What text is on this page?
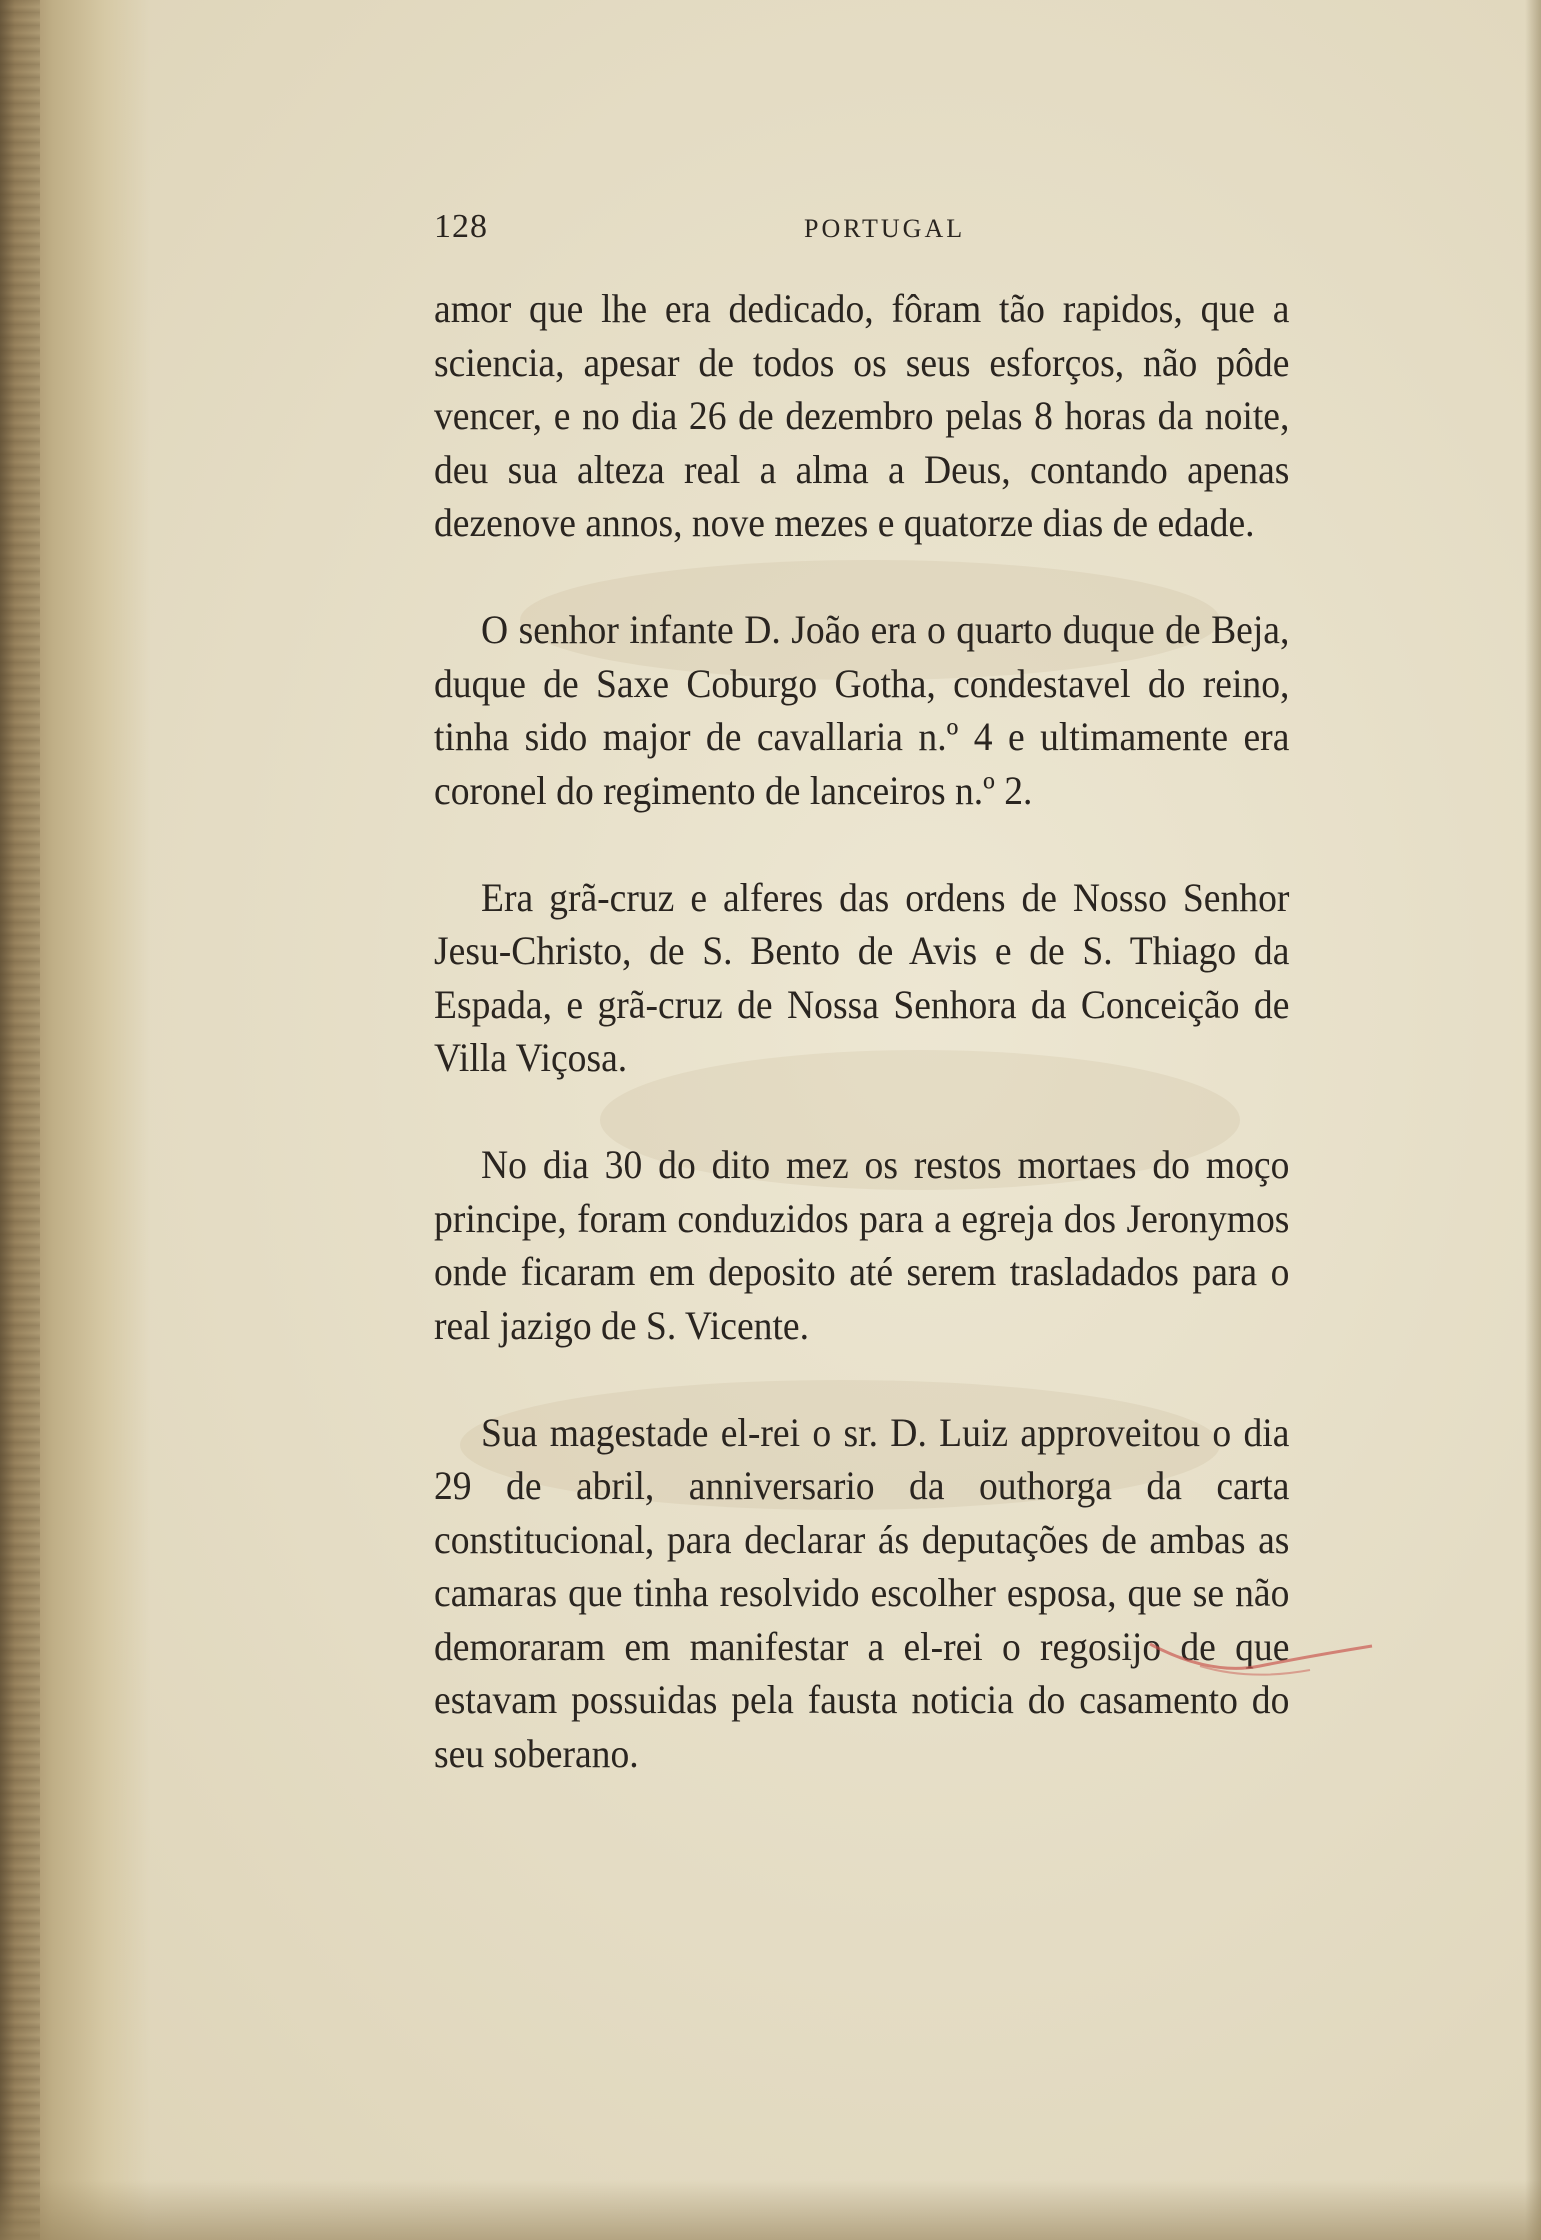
128	PORTUGAL

amor que lhe era dedicado, fôram tão rapidos, que a sciencia, apesar de todos os seus esforços, não pôde vencer, e no dia 26 de dezembro pelas 8 horas da noite, deu sua alteza real a alma a Deus, contando apenas dezenove annos, nove mezes e quatorze dias de edade.

O senhor infante D. João era o quarto duque de Beja, duque de Saxe Coburgo Gotha, condestavel do reino, tinha sido major de cavallaria n.º 4 e ultimamente era coronel do regimento de lanceiros n.º 2.

Era grã-cruz e alferes das ordens de Nosso Senhor Jesu-Christo, de S. Bento de Avis e de S. Thiago da Espada, e grã-cruz de Nossa Senhora da Conceição de Villa Viçosa.

No dia 30 do dito mez os restos mortaes do moço principe, foram conduzidos para a egreja dos Jeronymos onde ficaram em deposito até serem trasladados para o real jazigo de S. Vicente.

Sua magestade el-rei o sr. D. Luiz approveitou o dia 29 de abril, anniversario da outhorga da carta constitucional, para declarar ás deputações de ambas as camaras que tinha resolvido escolher esposa, que se não demoraram em manifestar a el-rei o regosijo de que estavam possuidas pela fausta noticia do casamento do seu soberano.
